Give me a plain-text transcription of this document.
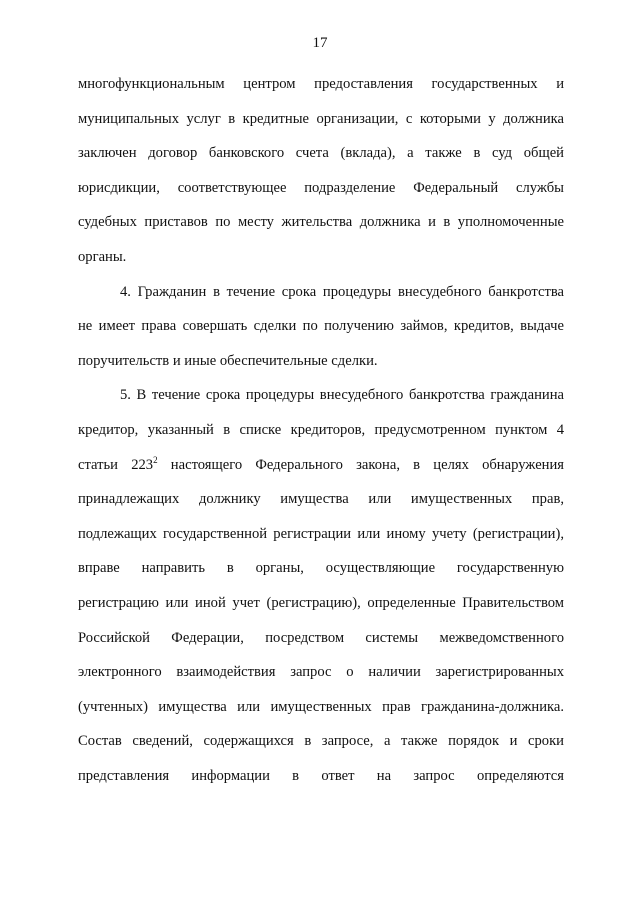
17
многофункциональным центром предоставления государственных и
муниципальных услуг в кредитные организации, с которыми у должника
заключен договор банковского счета (вклада), а также в суд общей
юрисдикции, соответствующее подразделение Федеральный службы
судебных приставов по месту жительства должника и в уполномоченные
органы.
4. Гражданин в течение срока процедуры внесудебного банкротства
не имеет права совершать сделки по получению займов, кредитов, выдаче
поручительств и иные обеспечительные сделки.
5. В течение срока процедуры внесудебного банкротства гражданина
кредитор, указанный в списке кредиторов, предусмотренном пунктом 4
статьи $223^2$ настоящего Федерального закона, в целях обнаружения
принадлежащих должнику имущества или имущественных прав,
подлежащих государственной регистрации или иному учету (регистрации),
вправе направить в органы, осуществляющие государственную
регистрацию или иной учет (регистрацию), определенные Правительством
Российской Федерации, посредством системы межведомственного
электронного взаимодействия запрос о наличии зарегистрированных
(учтенных) имущества или имущественных прав гражданина-должника.
Состав сведений, содержащихся в запросе, а также порядок и сроки
представления информации в ответ на запрос определяются
